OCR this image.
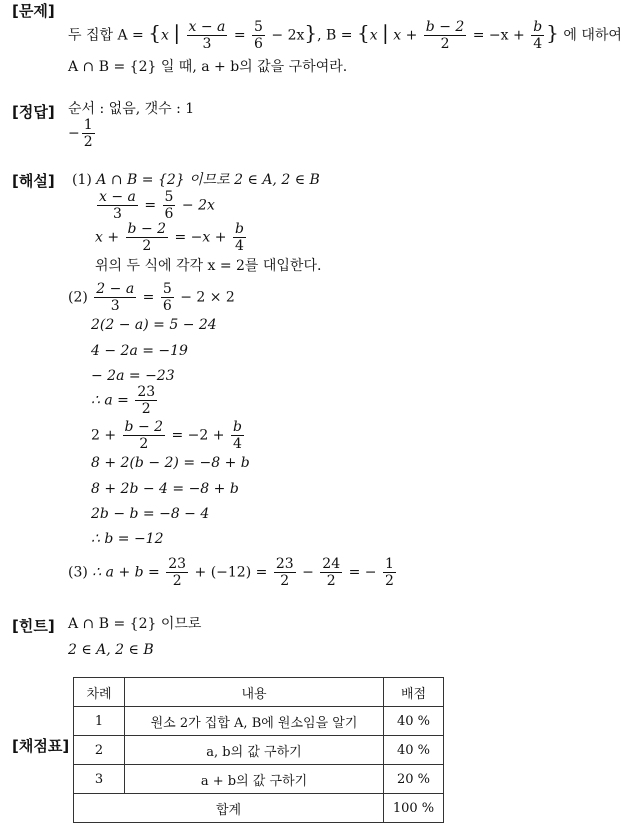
[문제]
[정답]
[해설]
[힌트]
[채점표]
두 집합 A = {x | $\frac{x - a}{3} = \frac{5}{6} - 2x$}, B = {x | $x + \frac{b - 2}{2} = -x + \frac{b}{4}$ } 에 대하여
A ∩ B = {2} 일 때, a + b의 값을 구하여라.
순서 : 없음, 갯수 : 1
− $\frac{1}{2}$
(1) A ∩ B = {2} 이므로 2 ∈ A, 2 ∈ B
$\frac{x - a}{3} = \frac{5}{6} - 2x$
$x + \frac{b - 2}{2} = -x + \frac{b}{4}$
위의 두 식에 각각 x = 2를 대입한다.
$(2) \frac{2 - a}{3} = \frac{5}{6} - 2 \times 2$
2(2 − a) = 5 − 24
4 − 2a = −19
− 2a = −23
∴ $a = \frac{23}{2}$
$2 + \frac{b - 2}{2} = -2 + \frac{b}{4}$
8 + 2(b − 2) = −8 + b
8 + 2b − 4 = −8 + b
2b − b = −8 − 4
∴ b = −12
(3) ∴ $a + b = \frac{23}{2} + (-12) = \frac{23}{2} - \frac{24}{2}$ = − $\frac{1}{2}$
A ∩ B = {2} 이므로
2 ∈ A, 2 ∈ B
차례	내용	배점
1	원소 2가 집합 A, B에 원소임을 알기	40 %
2	a, b의 값 구하기	40 %
3	a + b의 값 구하기	20 %
합계		100 %
